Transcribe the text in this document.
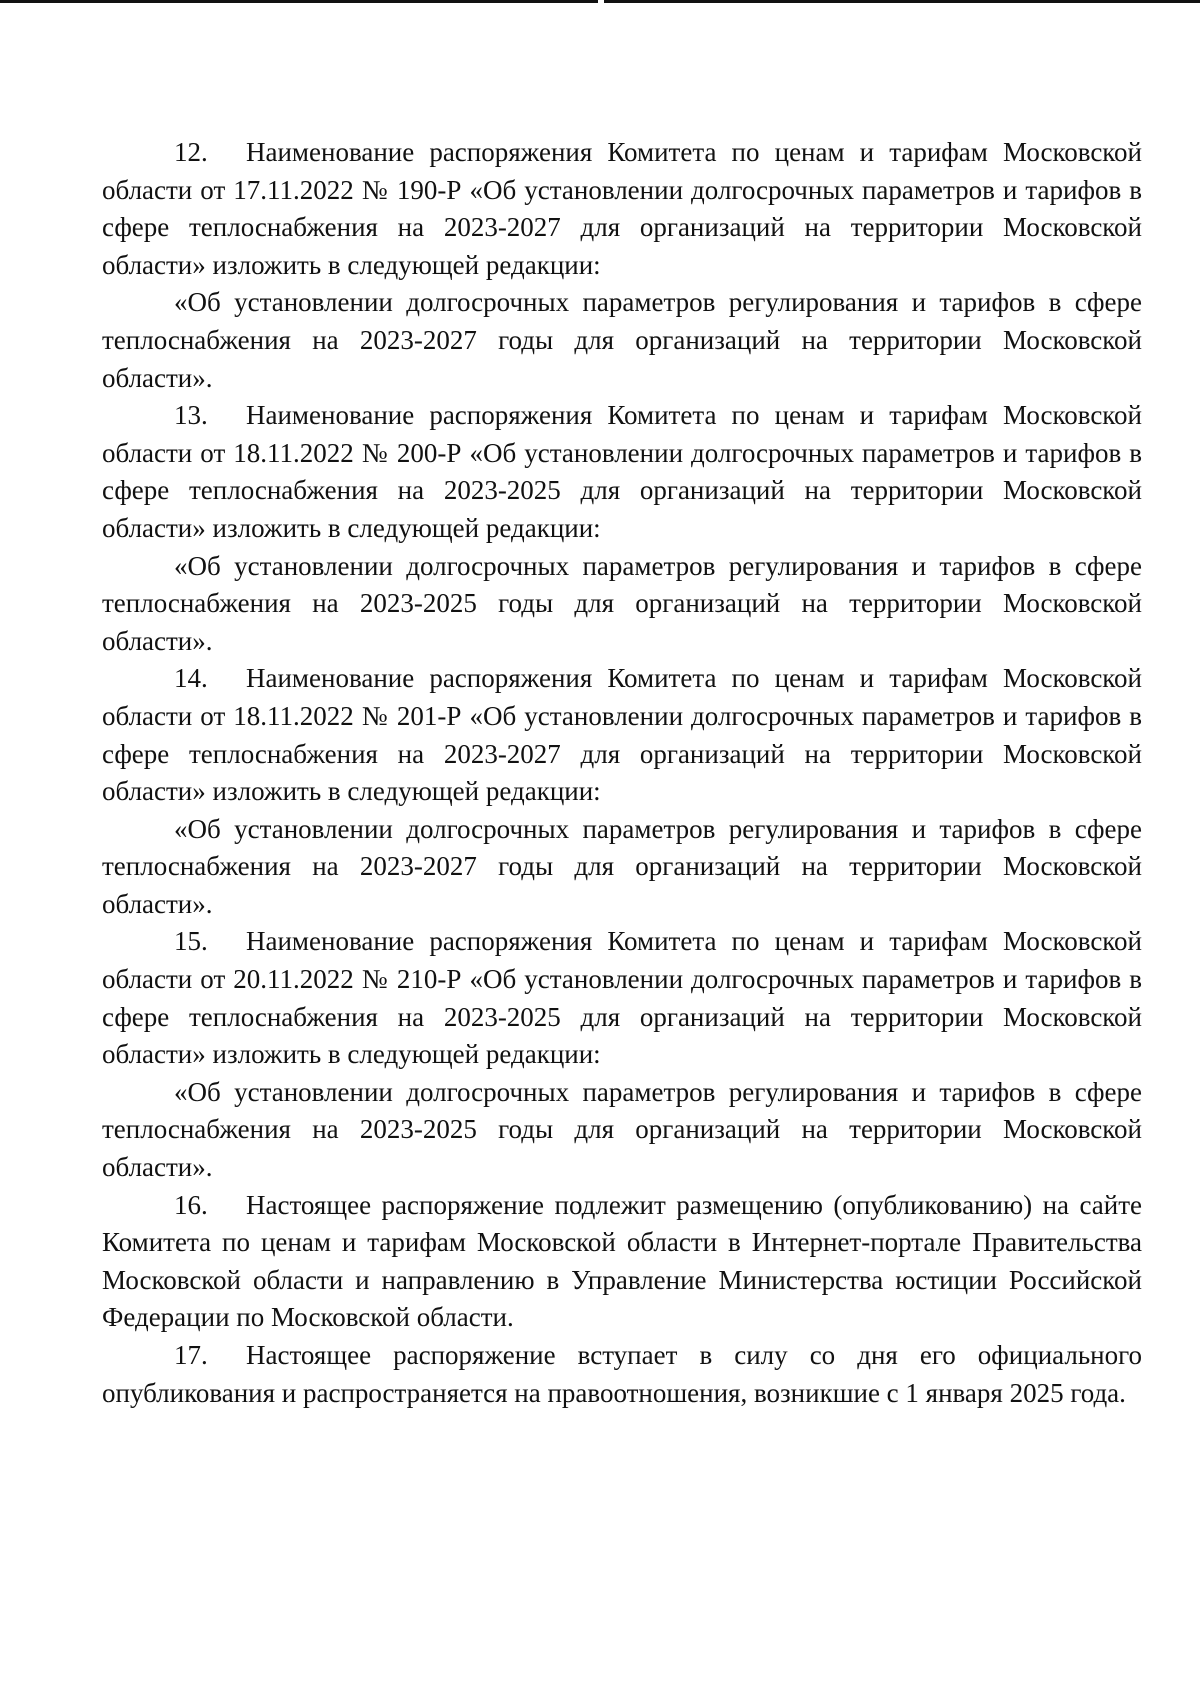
12. Наименование распоряжения Комитета по ценам и тарифам Московской области от 17.11.2022 № 190-Р «Об установлении долгосрочных параметров и тарифов в сфере теплоснабжения на 2023-2027 для организаций на территории Московской области» изложить в следующей редакции:

«Об установлении долгосрочных параметров регулирования и тарифов в сфере теплоснабжения на 2023-2027 годы для организаций на территории Московской области».

13. Наименование распоряжения Комитета по ценам и тарифам Московской области от 18.11.2022 № 200-Р «Об установлении долгосрочных параметров и тарифов в сфере теплоснабжения на 2023-2025 для организаций на территории Московской области» изложить в следующей редакции:

«Об установлении долгосрочных параметров регулирования и тарифов в сфере теплоснабжения на 2023-2025 годы для организаций на территории Московской области».

14. Наименование распоряжения Комитета по ценам и тарифам Московской области от 18.11.2022 № 201-Р «Об установлении долгосрочных параметров и тарифов в сфере теплоснабжения на 2023-2027 для организаций на территории Московской области» изложить в следующей редакции:

«Об установлении долгосрочных параметров регулирования и тарифов в сфере теплоснабжения на 2023-2027 годы для организаций на территории Московской области».

15. Наименование распоряжения Комитета по ценам и тарифам Московской области от 20.11.2022 № 210-Р «Об установлении долгосрочных параметров и тарифов в сфере теплоснабжения на 2023-2025 для организаций на территории Московской области» изложить в следующей редакции:

«Об установлении долгосрочных параметров регулирования и тарифов в сфере теплоснабжения на 2023-2025 годы для организаций на территории Московской области».

16. Настоящее распоряжение подлежит размещению (опубликованию) на сайте Комитета по ценам и тарифам Московской области в Интернет-портале Правительства Московской области и направлению в Управление Министерства юстиции Российской Федерации по Московской области.

17. Настоящее распоряжение вступает в силу со дня его официального опубликования и распространяется на правоотношения, возникшие с 1 января 2025 года.
